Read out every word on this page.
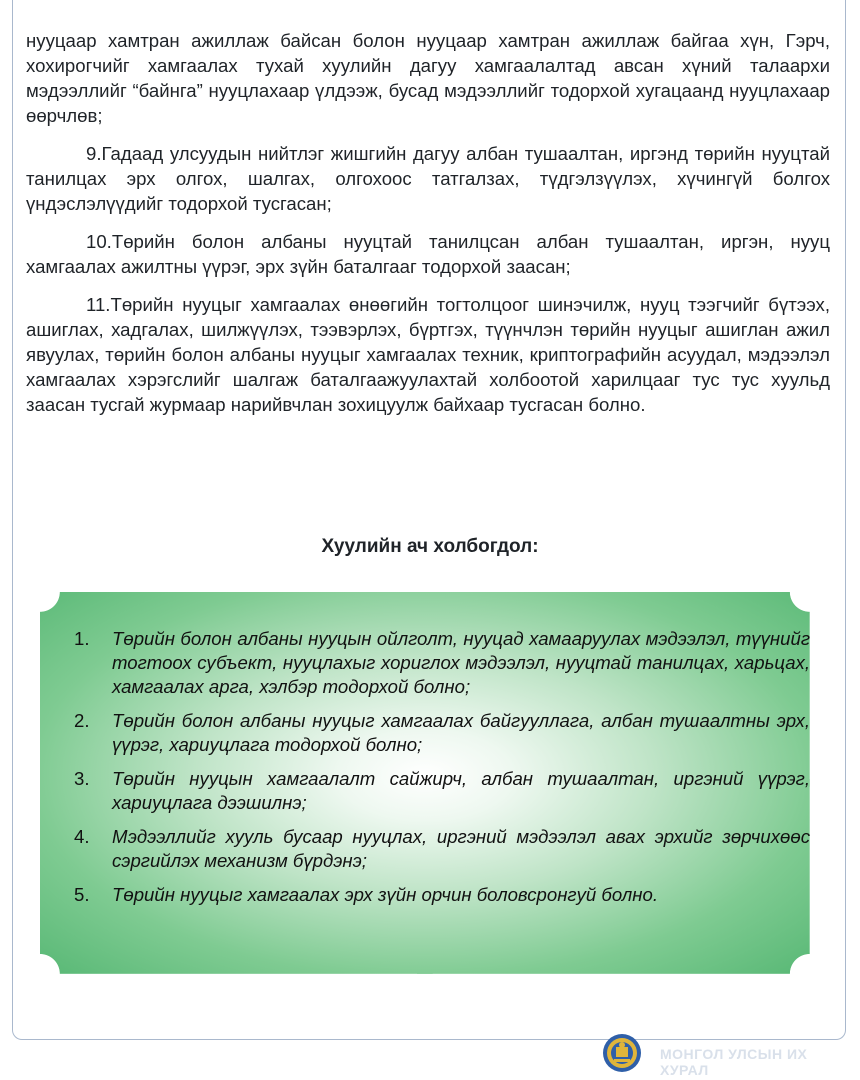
нууцаар хамтран ажиллаж байсан болон нууцаар хамтран ажиллаж байгаа хүн, Гэрч, хохирогчийг хамгаалах тухай хуулийн дагуу хамгаалалтад авсан хүний талаархи мэдээллийг “байнга” нууцлахаар үлдээж, бусад мэдээллийг тодорхой хугацаанд нууцлахаар өөрчлөв;

9.Гадаад улсуудын нийтлэг жишгийн дагуу албан тушаалтан, иргэнд төрийн нууцтай танилцах эрх олгох, шалгах, олгохоос татгалзах, түдгэлзүүлэх, хүчингүй болгох үндэслэлүүдийг тодорхой тусгасан;

10.Төрийн болон албаны нууцтай танилцсан албан тушаалтан, иргэн, нууц хамгаалах ажилтны үүрэг, эрх зүйн баталгааг тодорхой заасан;

11.Төрийн нууцыг хамгаалах өнөөгийн тогтолцоог шинэчилж, нууц тээгчийг бүтээх, ашиглах, хадгалах, шилжүүлэх, тээвэрлэх, бүртгэх, түүнчлэн төрийн нууцыг ашиглан ажил явуулах, төрийн болон албаны нууцыг хамгаалах техник, криптографийн асуудал, мэдээлэл хамгаалах хэрэгслийг шалгаж баталгаажуулахтай холбоотой харилцааг тус тус хуульд заасан тусгай журмаар нарийвчлан зохицуулж байхаар тусгасан болно.

Хуулийн ач холбогдол:
1.	Төрийн болон албаны нууцын ойлголт, нууцад хамааруулах мэдээлэл, түүнийг тогтоох субъект, нууцлахыг хориглох мэдээлэл, нууцтай танилцах, харьцах, хамгаалах арга, хэлбэр тодорхой болно;
2.	Төрийн болон албаны нууцыг хамгаалах байгууллага, албан тушаалтны эрх, үүрэг, хариуцлага тодорхой болно;
3.	Төрийн нууцын хамгаалалт сайжирч, албан тушаалтан, иргэний үүрэг, хариуцлага дээшилнэ;
4.	Мэдээллийг хууль бусаар нууцлах, иргэний мэдээлэл авах эрхийг зөрчихөөс сэргийлэх механизм бүрдэнэ;
5.	Төрийн нууцыг хамгаалах эрх зүйн орчин боловсронгуй болно.
МОНГОЛ УЛСЫН ИХ ХУРАЛ
